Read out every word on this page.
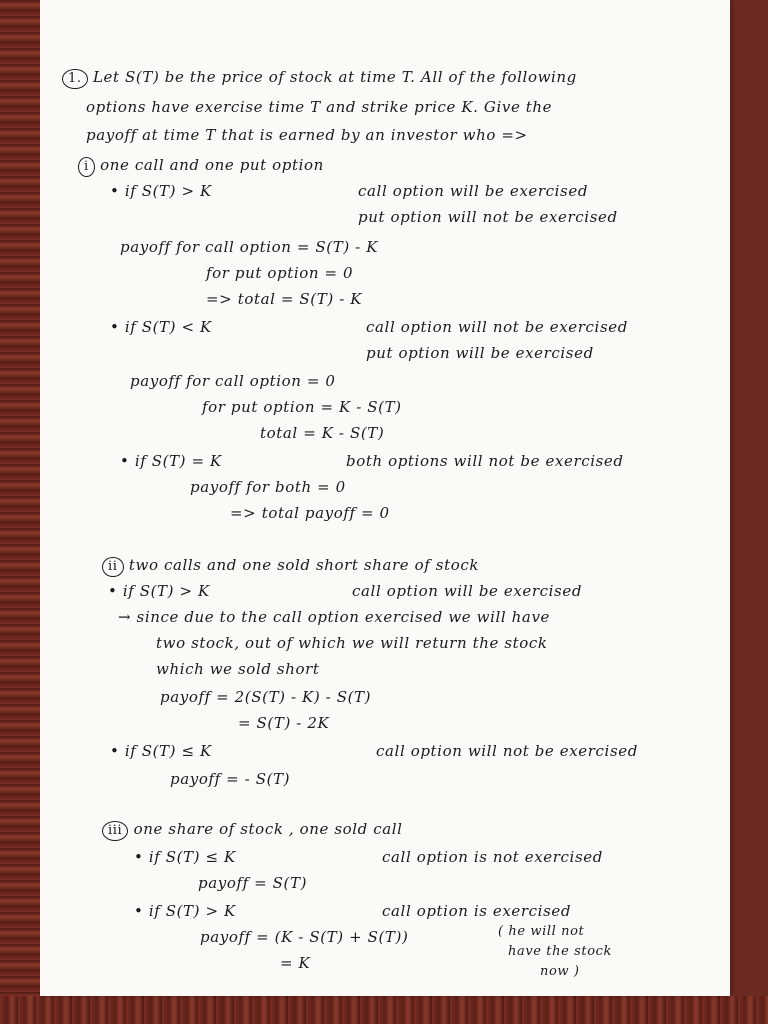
1. Let S(T) be the price of stock at time T. All of the following
options have exercise time T and strike price K. Give the
payoff at time T that is earned by an investor who =>
i one call and one put option
• if S(T) > K	call option will be exercised
put option will not be exercised
payoff for call option = S(T) - K
for put option = 0
=> total = S(T) - K
• if S(T) < K	call option will not be exercised
put option will be exercised
payoff for call option = 0
for put option = K - S(T)
total = K - S(T)
• if S(T) = K	both options will not be exercised
payoff for both = 0
=> total payoff = 0
ii two calls and one sold short share of stock
• if S(T) > K	call option will be exercised
→ since due to the call option exercised we will have
two stock, out of which we will return the stock
which we sold short
payoff = 2(S(T) - K) - S(T)
= S(T) - 2K
• if S(T) ≤ K	call option will not be exercised
payoff = - S(T)
iii one share of stock , one sold call
• if S(T) ≤ K	call option is not exercised
payoff = S(T)
• if S(T) > K	call option is exercised
payoff = (K - S(T) + S(T))
= K
( he will not
have the stock
now )
